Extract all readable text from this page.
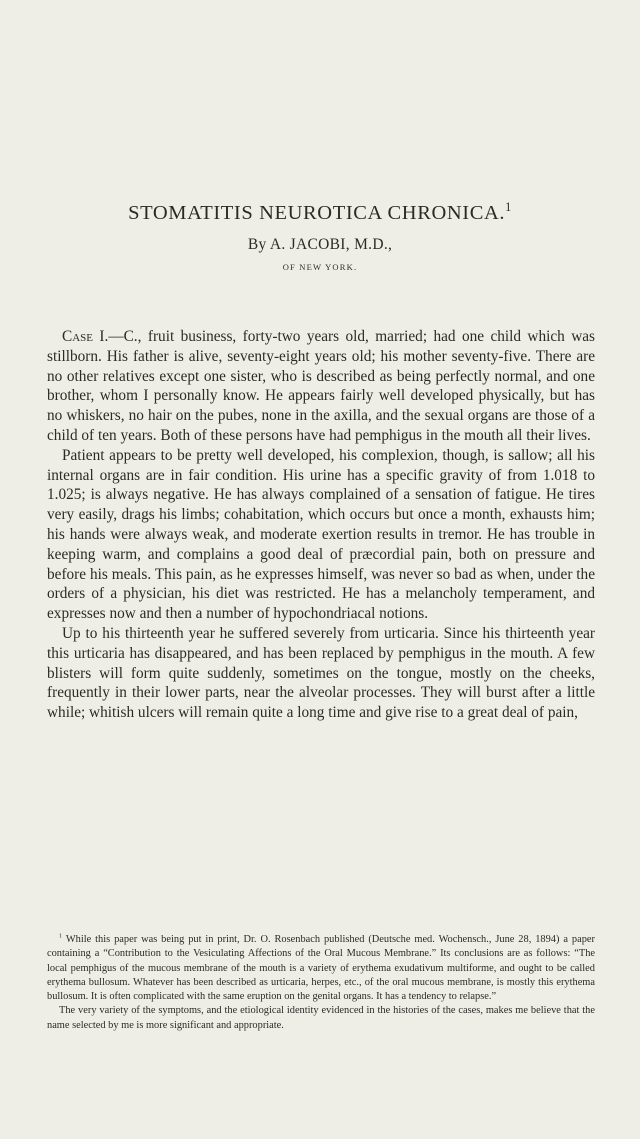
STOMATITIS NEUROTICA CHRONICA.$^1$
By A. JACOBI, M.D.,
OF NEW YORK.

Case I.—C., fruit business, forty-two years old, married; had one child which was stillborn. His father is alive, seventy-eight years old; his mother seventy-five. There are no other relatives except one sister, who is described as being perfectly normal, and one brother, whom I personally know. He appears fairly well developed physically, but has no whiskers, no hair on the pubes, none in the axilla, and the sexual organs are those of a child of ten years. Both of these persons have had pemphigus in the mouth all their lives.

Patient appears to be pretty well developed, his complexion, though, is sallow; all his internal organs are in fair condition. His urine has a specific gravity of from 1.018 to 1.025; is always negative. He has always complained of a sensation of fatigue. He tires very easily, drags his limbs; cohabitation, which occurs but once a month, exhausts him; his hands were always weak, and moderate exertion results in tremor. He has trouble in keeping warm, and complains a good deal of præcordial pain, both on pressure and before his meals. This pain, as he expresses himself, was never so bad as when, under the orders of a physician, his diet was restricted. He has a melancholy temperament, and expresses now and then a number of hypochondriacal notions.

Up to his thirteenth year he suffered severely from urticaria. Since his thirteenth year this urticaria has disappeared, and has been replaced by pemphigus in the mouth. A few blisters will form quite suddenly, sometimes on the tongue, mostly on the cheeks, frequently in their lower parts, near the alveolar processes. They will burst after a little while; whitish ulcers will remain quite a long time and give rise to a great deal of pain,

$^1$ While this paper was being put in print, Dr. O. Rosenbach published (Deutsche med. Wochensch., June 28, 1894) a paper containing a “Contribution to the Vesiculating Affections of the Oral Mucous Membrane.” Its conclusions are as follows: “The local pemphigus of the mucous membrane of the mouth is a variety of erythema exudativum multiforme, and ought to be called erythema bullosum. Whatever has been described as urticaria, herpes, etc., of the oral mucous membrane, is mostly this erythema bullosum. It is often complicated with the same eruption on the genital organs. It has a tendency to relapse.”

The very variety of the symptoms, and the etiological identity evidenced in the histories of the cases, makes me believe that the name selected by me is more significant and appropriate.
